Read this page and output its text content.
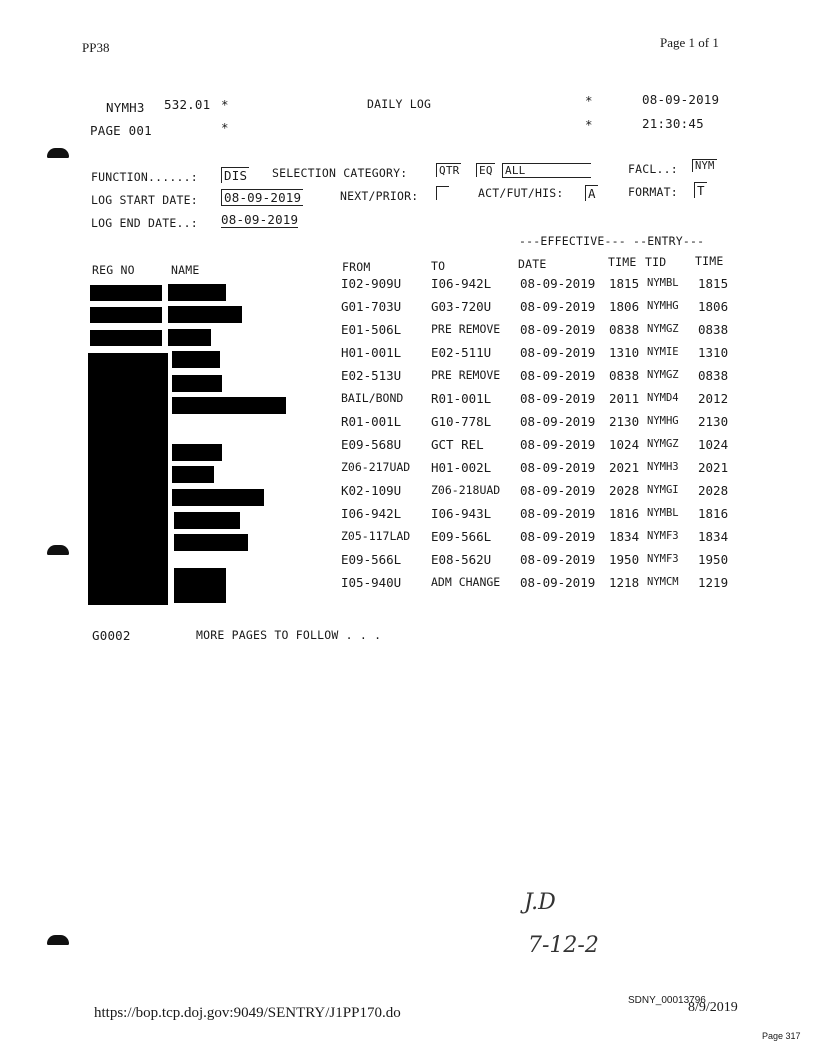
PP38	Page 1 of 1
NYMH3 532.01 *	DAILY LOG	*	08-09-2019
PAGE 001	*	*	21:30:45
FUNCTION......: DIS SELECTION CATEGORY:	QTR EQ ALL	FACL..: NYM
LOG START DATE: 08-09-2019	NEXT/PRIOR:	ACT/FUT/HIS: A	FORMAT: T
LOG END DATE..: 08-09-2019
---EFFECTIVE--- --ENTRY---
REG NO	NAME	FROM	TO	DATE	TIME TID TIME
I02-909U I06-942L 08-09-2019 1815 NYMBL 1815
G01-703U G03-720U 08-09-2019 1806 NYMHG 1806
E01-506L	PRE REMOVE 08-09-2019 0838 NYMGZ 0838
H01-001L E02-511U 08-09-2019 1310 NYMIE 1310
E02-513U	PRE REMOVE 08-09-2019 0838 NYMGZ 0838
BAIL/BOND R01-001L 08-09-2019 2011 NYMD4 2012
R01-001L G10-778L 08-09-2019 2130 NYMHG 2130
E09-568U GCT REL	08-09-2019 1024 NYMGZ 1024
Z06-217UAD H01-002L 08-09-2019 2021 NYMH3 2021
K02-109U	Z06-218UAD 08-09-2019 2028 NYMGI 2028
I06-942L I06-943L 08-09-2019 1816 NYMBL 1816
Z05-117LAD E09-566L 08-09-2019 1834 NYMF3 1834
E09-566L E08-562U 08-09-2019 1950 NYMF3 1950
I05-940U	ADM CHANGE 08-09-2019 1218 NYMCM 1219
G0002	MORE PAGES TO FOLLOW . . .
J.D
7-12-2
https://bop.tcp.doj.gov:9049/SENTRY/J1PP170.do
SDNY_00013796
8/9/2019
Page 317
